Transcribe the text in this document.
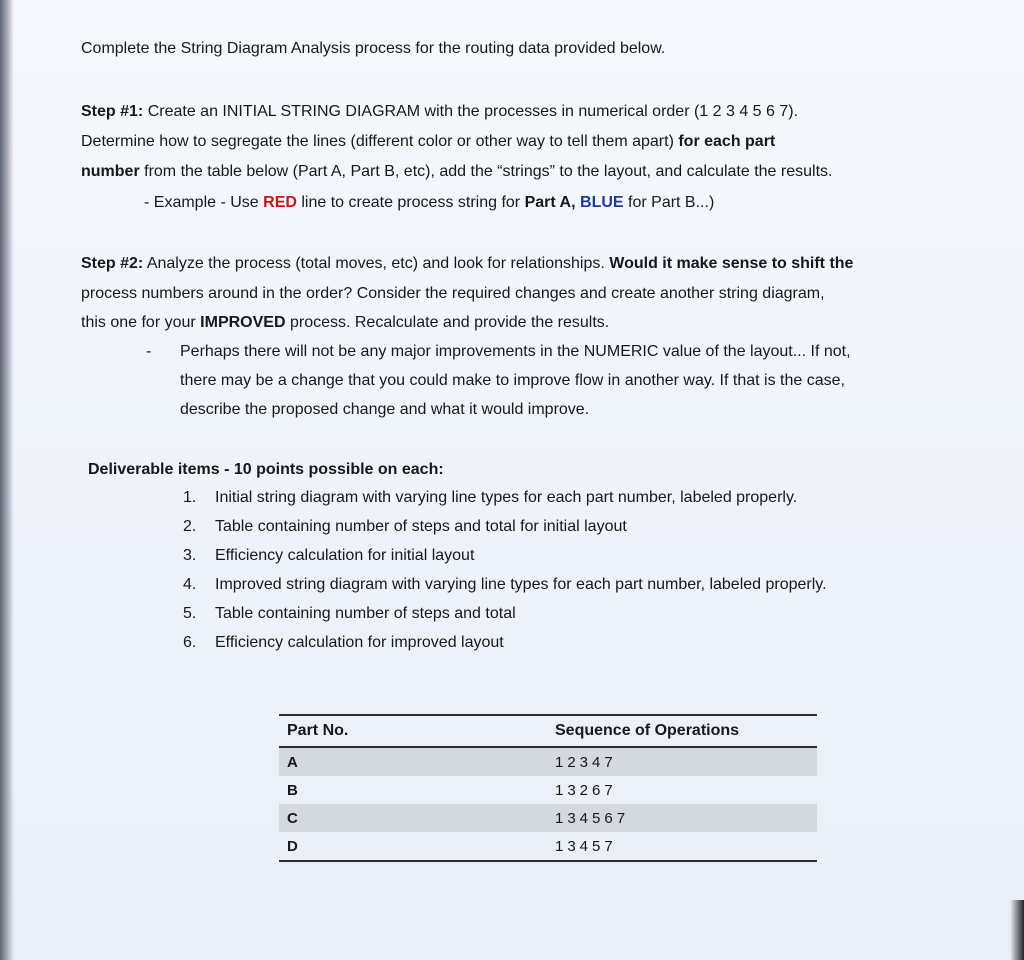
Complete the String Diagram Analysis process for the routing data provided below.
Step #1: Create an INITIAL STRING DIAGRAM with the processes in numerical order (1 2 3 4 5 6 7).
Determine how to segregate the lines (different color or other way to tell them apart) for each part
number from the table below (Part A, Part B, etc), add the “strings” to the layout, and calculate the results.
- Example - Use RED line to create process string for Part A, BLUE for Part B...)
Step #2: Analyze the process (total moves, etc) and look for relationships. Would it make sense to shift the
process numbers around in the order? Consider the required changes and create another string diagram,
this one for your IMPROVED process. Recalculate and provide the results.
- Perhaps there will not be any major improvements in the NUMERIC value of the layout... If not,
there may be a change that you could make to improve flow in another way. If that is the case,
describe the proposed change and what it would improve.
Deliverable items - 10 points possible on each:
1. Initial string diagram with varying line types for each part number, labeled properly.
2. Table containing number of steps and total for initial layout
3. Efficiency calculation for initial layout
4. Improved string diagram with varying line types for each part number, labeled properly.
5. Table containing number of steps and total
6. Efficiency calculation for improved layout
Part No.	Sequence of Operations
A	12347
B	13267
C	134567
D	13457
